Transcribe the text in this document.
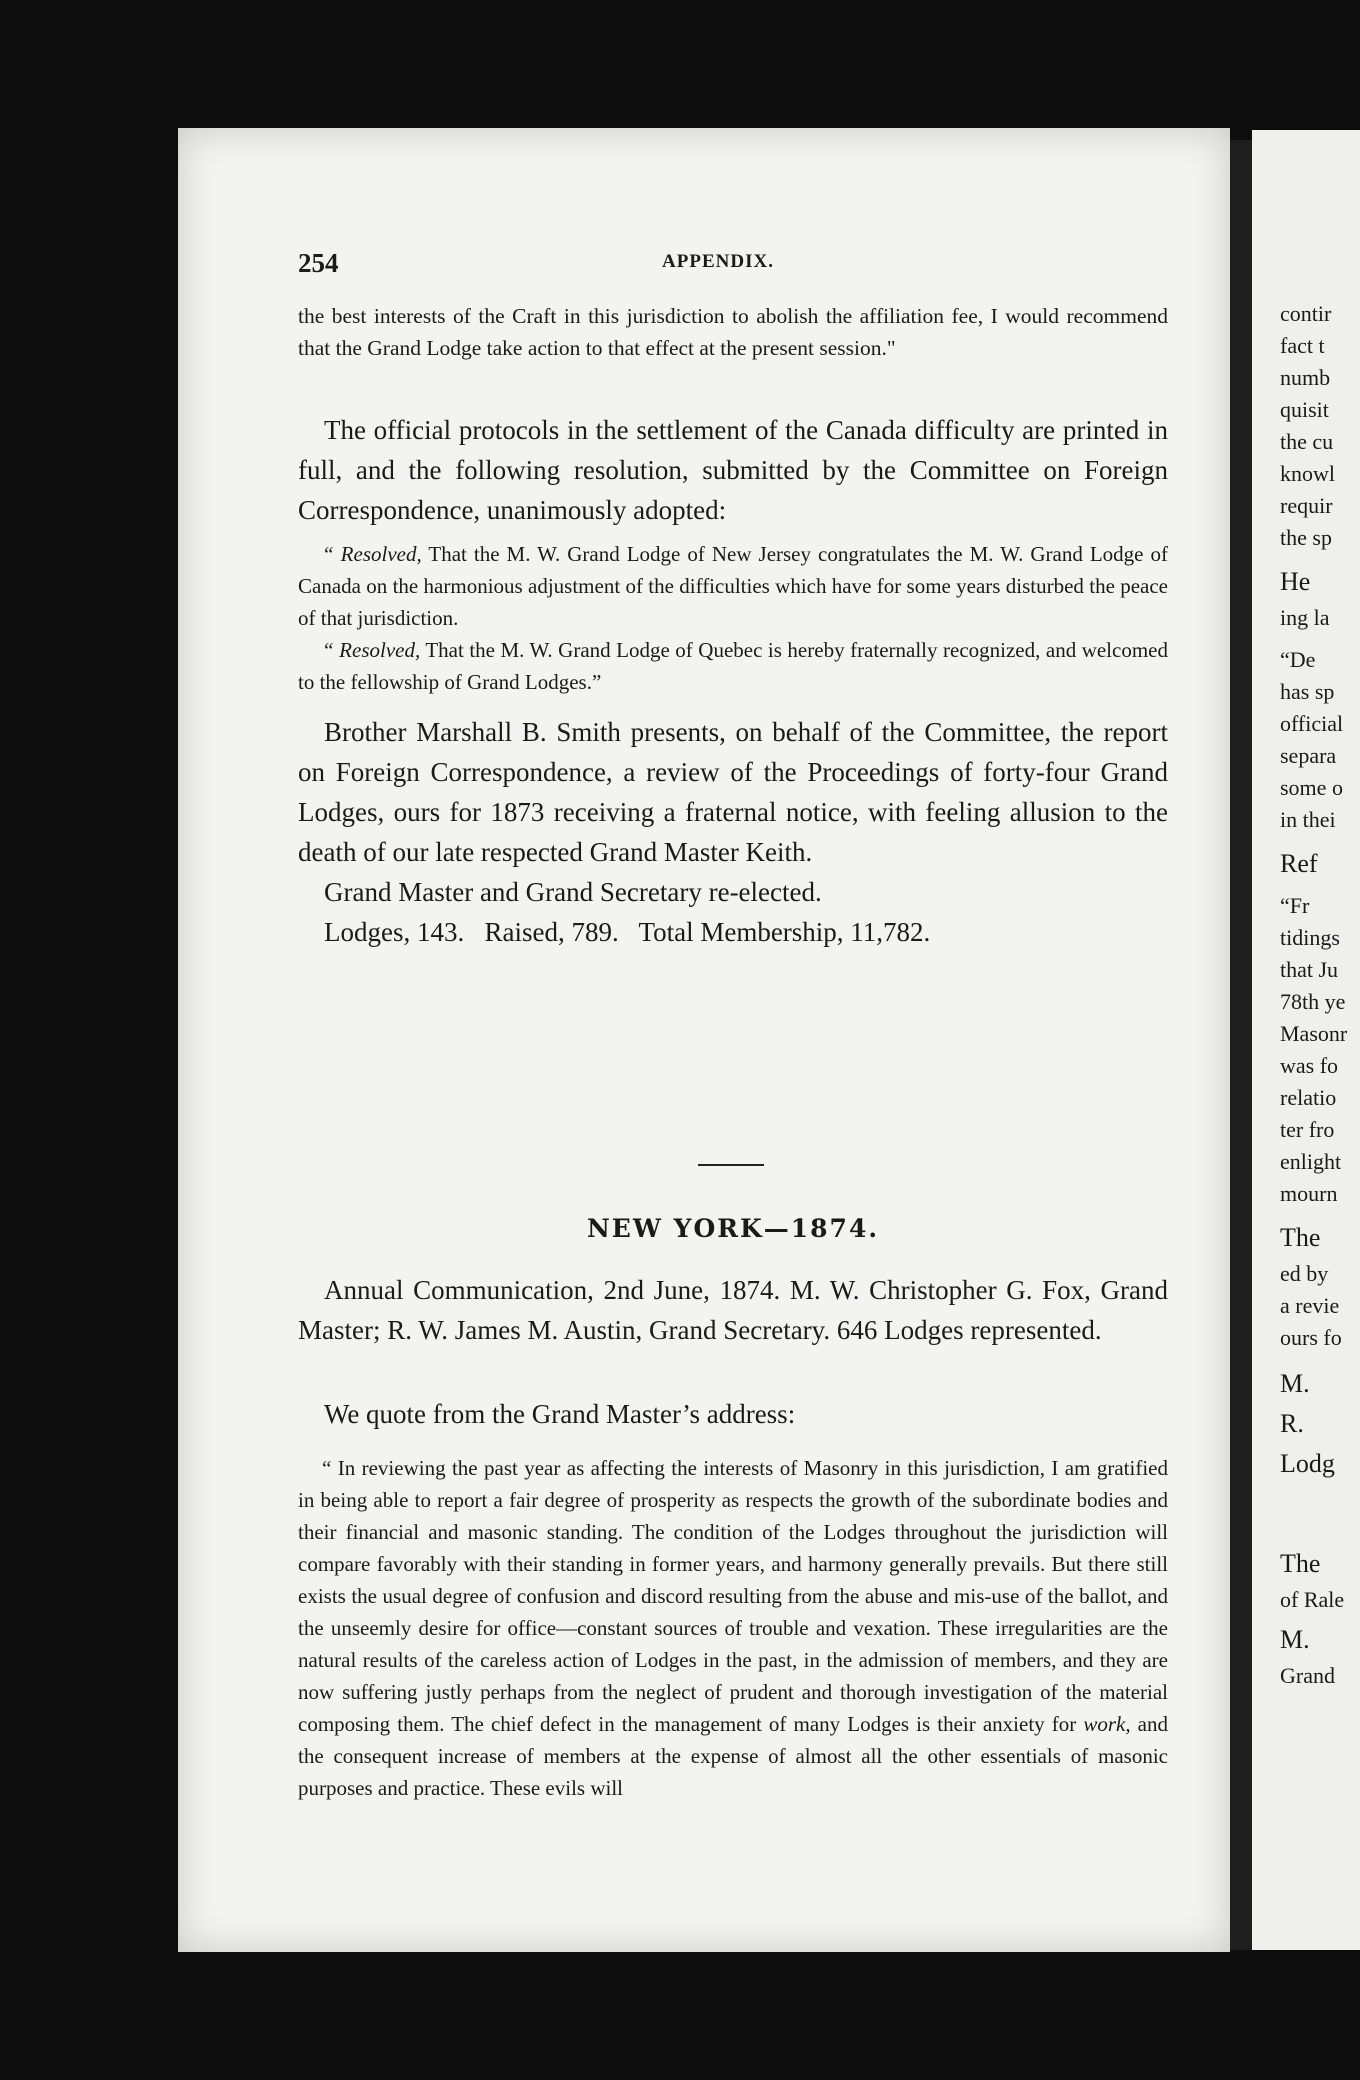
254	APPENDIX.

the best interests of the Craft in this jurisdiction to abolish the affiliation fee, I would recommend that the Grand Lodge take action to that effect at the present session."

The official protocols in the settlement of the Canada difficulty are printed in full, and the following resolution, submitted by the Committee on Foreign Correspondence, unanimously adopted:

“ Resolved, That the M. W. Grand Lodge of New Jersey congratulates the M. W. Grand Lodge of Canada on the harmonious adjustment of the difficulties which have for some years disturbed the peace of that jurisdiction.

“ Resolved, That the M. W. Grand Lodge of Quebec is hereby fraternally recognized, and welcomed to the fellowship of Grand Lodges.”

Brother Marshall B. Smith presents, on behalf of the Committee, the report on Foreign Correspondence, a review of the Proceedings of forty-four Grand Lodges, ours for 1873 receiving a fraternal notice, with feeling allusion to the death of our late respected Grand Master Keith.

Grand Master and Grand Secretary re-elected.

Lodges, 143.   Raised, 789.   Total Membership, 11,782.

NEW YORK—1874.

Annual Communication, 2nd June, 1874. M. W. Christopher G. Fox, Grand Master; R. W. James M. Austin, Grand Secretary. 646 Lodges represented.

We quote from the Grand Master’s address:

“ In reviewing the past year as affecting the interests of Masonry in this jurisdiction, I am gratified in being able to report a fair degree of prosperity as respects the growth of the subordinate bodies and their financial and masonic standing. The condition of the Lodges throughout the jurisdiction will compare favorably with their standing in former years, and harmony generally prevails. But there still exists the usual degree of confusion and discord resulting from the abuse and mis-use of the ballot, and the unseemly desire for office—constant sources of trouble and vexation. These irregularities are the natural results of the careless action of Lodges in the past, in the admission of members, and they are now suffering justly perhaps from the neglect of prudent and thorough investigation of the material composing them. The chief defect in the management of many Lodges is their anxiety for work, and the consequent increase of members at the expense of almost all the other essentials of masonic purposes and practice. These evils will

contir
fact t
numb
quisit
the cu
knowl
requir
the sp
He
ing la
“De
has sp
official
separa
some o
in thei
Ref
“Fr
tidings
that Ju
78th ye
Masonr
was fo
relatio
ter fro
enlight
mourn
The
ed by
a revie
ours fo
M.
R.
Lodg
The
of Rale
M.
Grand
